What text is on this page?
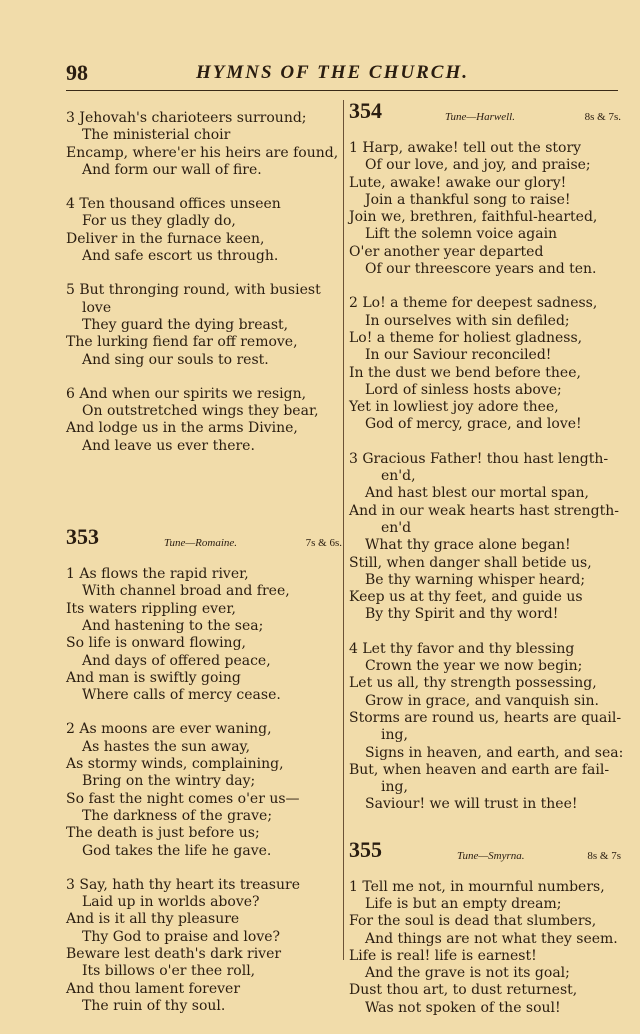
98	HYMNS OF THE CHURCH.
3 Jehovah's charioteers surround;
The ministerial choir
Encamp, where'er his heirs are found,
And form our wall of fire.
4 Ten thousand offices unseen
For us they gladly do,
Deliver in the furnace keen,
And safe escort us through.
5 But thronging round, with busiest
love
They guard the dying breast,
The lurking fiend far off remove,
And sing our souls to rest.
6 And when our spirits we resign,
On outstretched wings they bear,
And lodge us in the arms Divine,
And leave us ever there.
353	Tune—Romaine.	7s & 6s.
1 As flows the rapid river,
With channel broad and free,
Its waters rippling ever,
And hastening to the sea;
So life is onward flowing,
And days of offered peace,
And man is swiftly going
Where calls of mercy cease.
2 As moons are ever waning,
As hastes the sun away,
As stormy winds, complaining,
Bring on the wintry day;
So fast the night comes o'er us—
The darkness of the grave;
The death is just before us;
God takes the life he gave.
3 Say, hath thy heart its treasure
Laid up in worlds above?
And is it all thy pleasure
Thy God to praise and love?
Beware lest death's dark river
Its billows o'er thee roll,
And thou lament forever
The ruin of thy soul.
354	Tune—Harwell.	8s & 7s.
1 Harp, awake! tell out the story
Of our love, and joy, and praise;
Lute, awake! awake our glory!
Join a thankful song to raise!
Join we, brethren, faithful-hearted,
Lift the solemn voice again
O'er another year departed
Of our threescore years and ten.
2 Lo! a theme for deepest sadness,
In ourselves with sin defiled;
Lo! a theme for holiest gladness,
In our Saviour reconciled!
In the dust we bend before thee,
Lord of sinless hosts above;
Yet in lowliest joy adore thee,
God of mercy, grace, and love!
3 Gracious Father! thou hast length-
en'd,
And hast blest our mortal span,
And in our weak hearts hast strength-
en'd
What thy grace alone began!
Still, when danger shall betide us,
Be thy warning whisper heard;
Keep us at thy feet, and guide us
By thy Spirit and thy word!
4 Let thy favor and thy blessing
Crown the year we now begin;
Let us all, thy strength possessing,
Grow in grace, and vanquish sin.
Storms are round us, hearts are quail-
ing,
Signs in heaven, and earth, and sea:
But, when heaven and earth are fail-
ing,
Saviour! we will trust in thee!
355	Tune—Smyrna.	8s & 7s
1 Tell me not, in mournful numbers,
Life is but an empty dream;
For the soul is dead that slumbers,
And things are not what they seem.
Life is real! life is earnest!
And the grave is not its goal;
Dust thou art, to dust returnest,
Was not spoken of the soul!
